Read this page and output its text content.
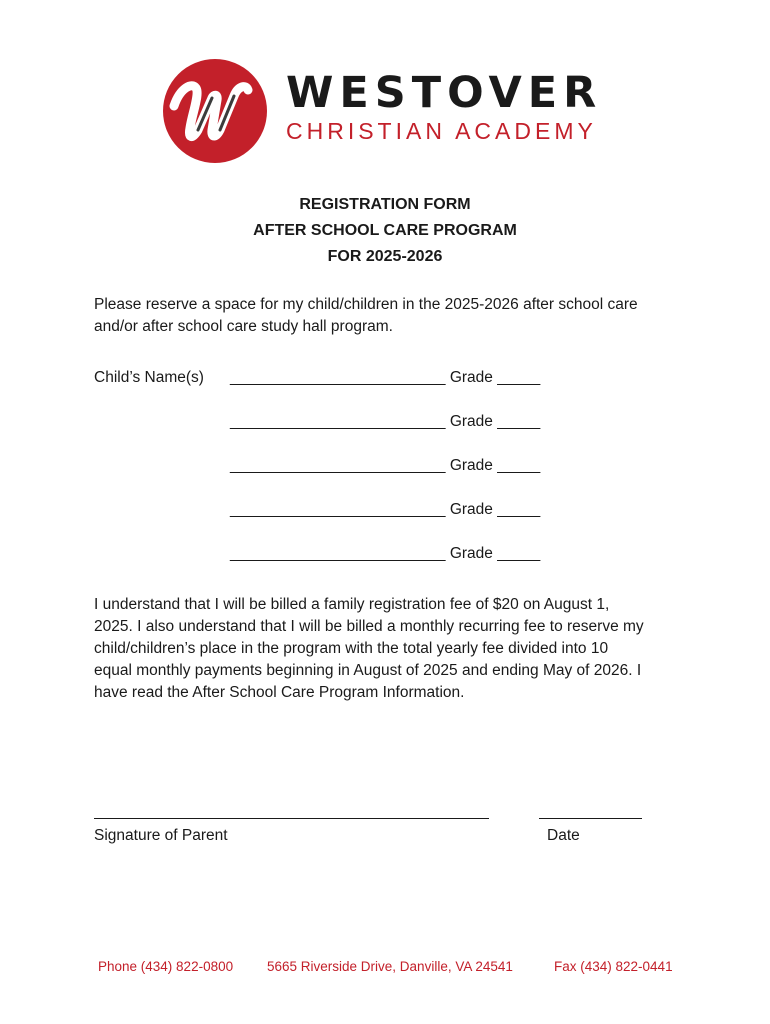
WESTOVER
CHRISTIAN ACADEMY
REGISTRATION FORM
AFTER SCHOOL CARE PROGRAM
FOR 2025-2026
Please reserve a space for my child/children in the 2025-2026 after school care
and/or after school care study hall program.
Child’s Name(s) _________________________ Grade _____
_________________________ Grade _____
_________________________ Grade _____
_________________________ Grade _____
_________________________ Grade _____
I understand that I will be billed a family registration fee of $20 on August 1,
2025. I also understand that I will be billed a monthly recurring fee to reserve my
child/children’s place in the program with the total yearly fee divided into 10
equal monthly payments beginning in August of 2025 and ending May of 2026. I
have read the After School Care Program Information.
Signature of Parent	Date
Phone (434) 822-0800	5665 Riverside Drive, Danville, VA 24541	Fax (434) 822-0441
